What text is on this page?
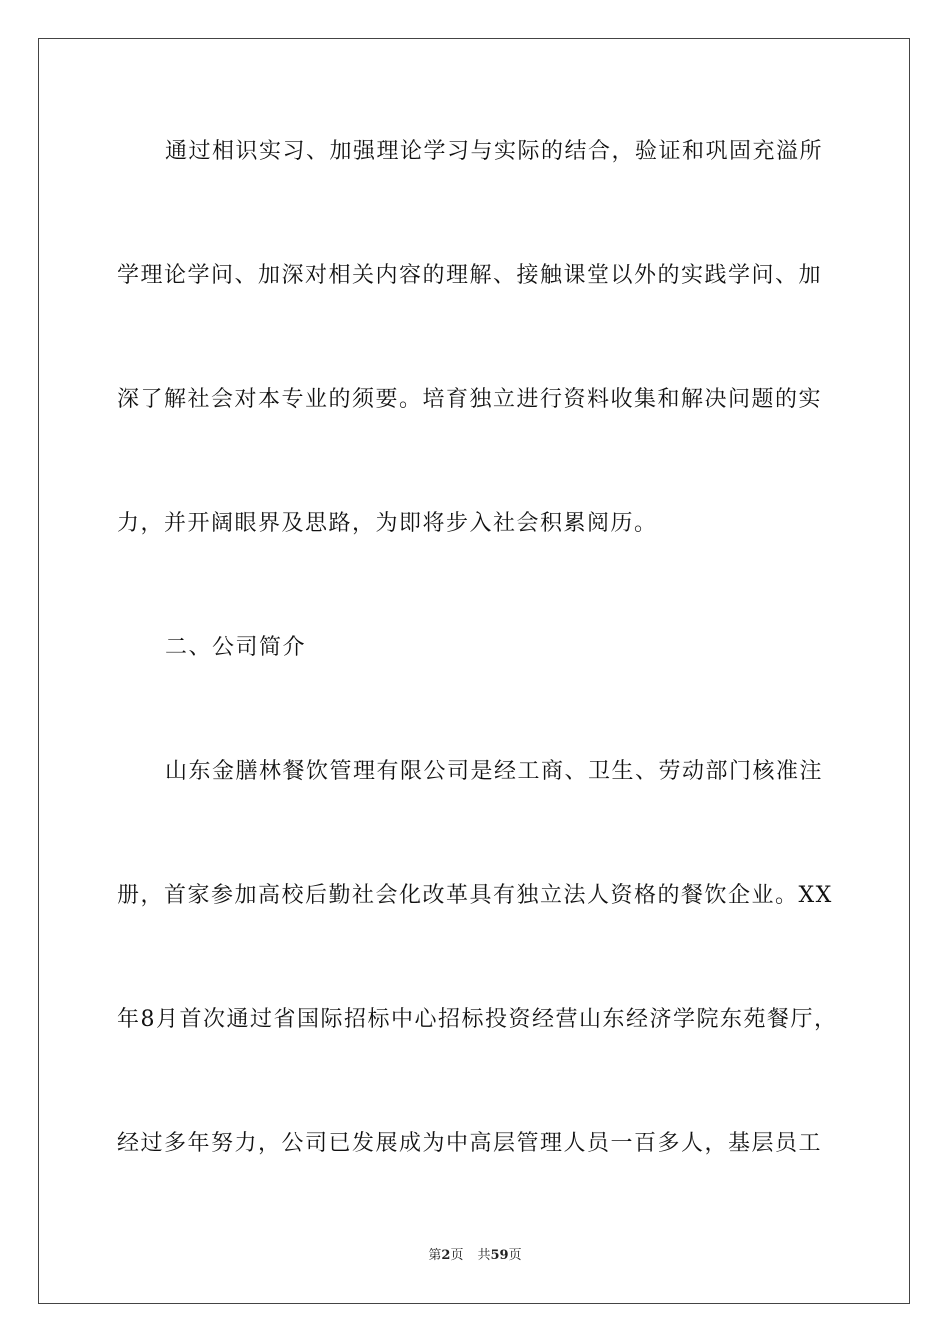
通过相识实习、加强理论学习与实际的结合，验证和巩固充溢所
学理论学问、加深对相关内容的理解、接触课堂以外的实践学问、加
深了解社会对本专业的须要。培育独立进行资料收集和解决问题的实
力，并开阔眼界及思路，为即将步入社会积累阅历。
二、公司简介
山东金膳林餐饮管理有限公司是经工商、卫生、劳动部门核准注
册，首家参加高校后勤社会化改革具有独立法人资格的餐饮企业。XX
年8月首次通过省国际招标中心招标投资经营山东经济学院东苑餐厅，
经过多年努力，公司已发展成为中高层管理人员一百多人，基层员工
第2页 共59页
